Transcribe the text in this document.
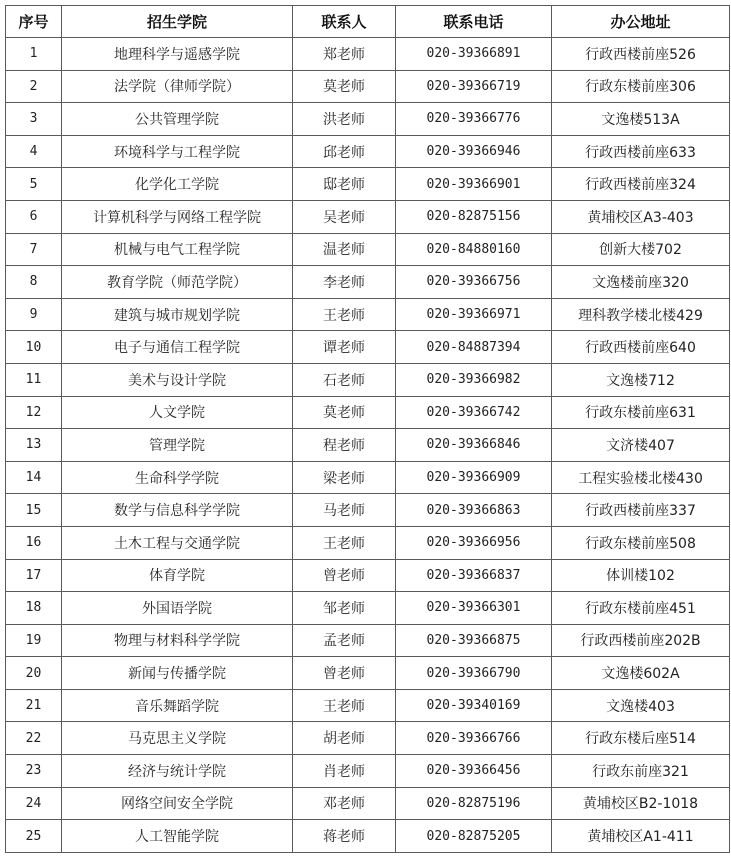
序号	招生学院	联系人	联系电话	办公地址
1	地理科学与遥感学院	郑老师	020-39366891	行政西楼前座526
2	法学院（律师学院）	莫老师	020-39366719	行政东楼前座306
3	公共管理学院	洪老师	020-39366776	文逸楼513A
4	环境科学与工程学院	邱老师	020-39366946	行政西楼前座633
5	化学化工学院	邸老师	020-39366901	行政西楼前座324
6	计算机科学与网络工程学院	吴老师	020-82875156	黄埔校区A3-403
7	机械与电气工程学院	温老师	020-84880160	创新大楼702
8	教育学院（师范学院）	李老师	020-39366756	文逸楼前座320
9	建筑与城市规划学院	王老师	020-39366971	理科教学楼北楼429
10	电子与通信工程学院	谭老师	020-84887394	行政西楼前座640
11	美术与设计学院	石老师	020-39366982	文逸楼712
12	人文学院	莫老师	020-39366742	行政东楼前座631
13	管理学院	程老师	020-39366846	文济楼407
14	生命科学学院	梁老师	020-39366909	工程实验楼北楼430
15	数学与信息科学学院	马老师	020-39366863	行政西楼前座337
16	土木工程与交通学院	王老师	020-39366956	行政东楼前座508
17	体育学院	曾老师	020-39366837	体训楼102
18	外国语学院	邹老师	020-39366301	行政东楼前座451
19	物理与材料科学学院	孟老师	020-39366875	行政西楼前座202B
20	新闻与传播学院	曾老师	020-39366790	文逸楼602A
21	音乐舞蹈学院	王老师	020-39340169	文逸楼403
22	马克思主义学院	胡老师	020-39366766	行政东楼后座514
23	经济与统计学院	肖老师	020-39366456	行政东前座321
24	网络空间安全学院	邓老师	020-82875196	黄埔校区B2-1018
25	人工智能学院	蒋老师	020-82875205	黄埔校区A1-411
